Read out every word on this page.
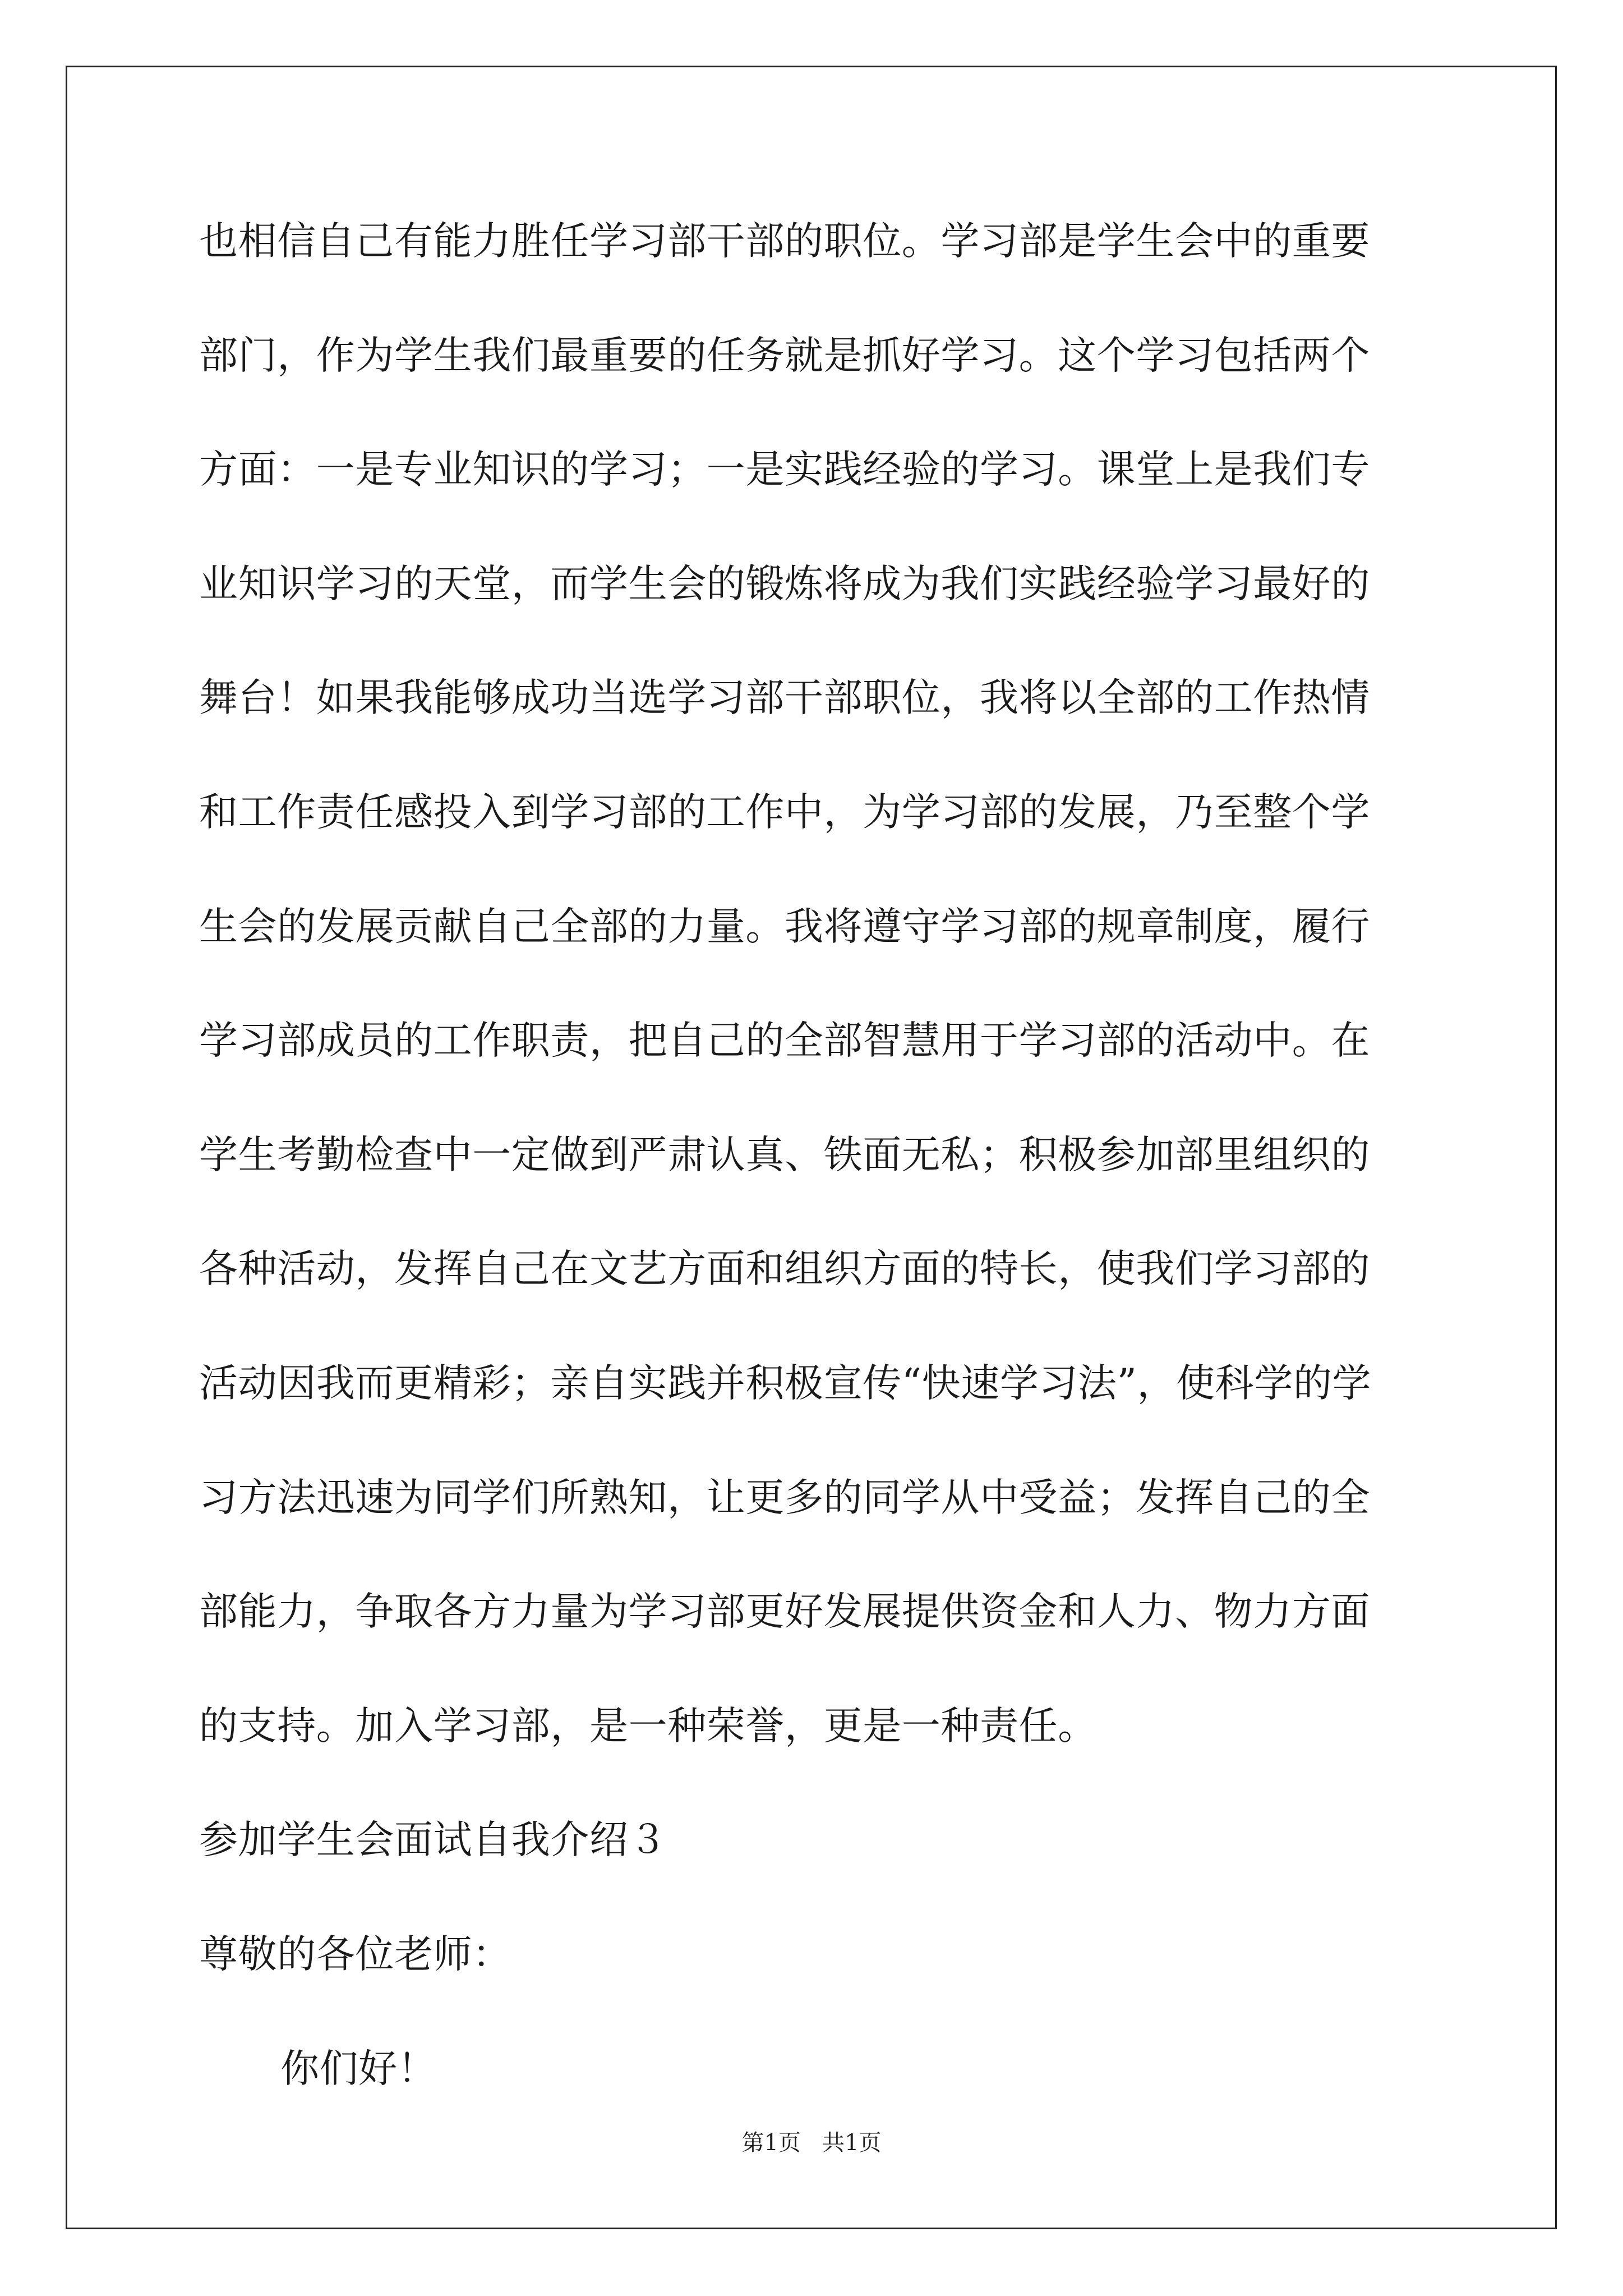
也相信自己有能力胜任学习部干部的职位。学习部是学生会中的重要
部门，作为学生我们最重要的任务就是抓好学习。这个学习包括两个
方面：一是专业知识的学习；一是实践经验的学习。课堂上是我们专
业知识学习的天堂，而学生会的锻炼将成为我们实践经验学习最好的
舞台！如果我能够成功当选学习部干部职位，我将以全部的工作热情
和工作责任感投入到学习部的工作中，为学习部的发展，乃至整个学
生会的发展贡献自己全部的力量。我将遵守学习部的规章制度，履行
学习部成员的工作职责，把自己的全部智慧用于学习部的活动中。在
学生考勤检查中一定做到严肃认真、铁面无私；积极参加部里组织的
各种活动，发挥自己在文艺方面和组织方面的特长，使我们学习部的
活动因我而更精彩；亲自实践并积极宣传“快速学习法”，使科学的学
习方法迅速为同学们所熟知，让更多的同学从中受益；发挥自己的全
部能力，争取各方力量为学习部更好发展提供资金和人力、物力方面
的支持。加入学习部，是一种荣誉，更是一种责任。
参加学生会面试自我介绍３
尊敬的各位老师：
你们好！
第1页   共1页
